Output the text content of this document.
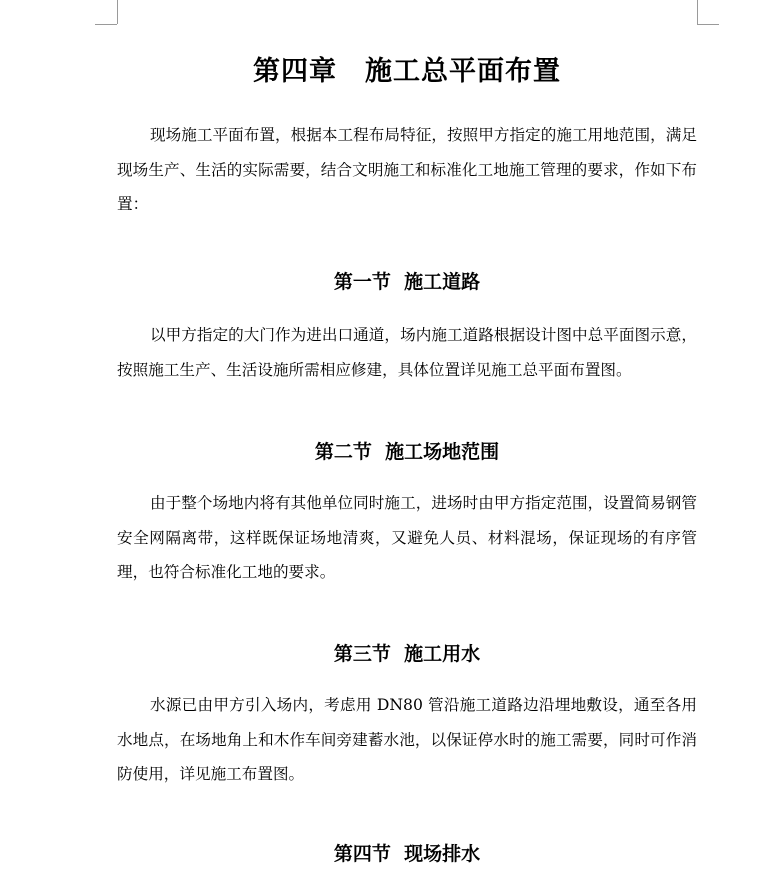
第四章　施工总平面布置

现场施工平面布置，根据本工程布局特征，按照甲方指定的施工用地范围，满足现场生产、生活的实际需要，结合文明施工和标准化工地施工管理的要求，作如下布置：

第一节  施工道路

以甲方指定的大门作为进出口通道，场内施工道路根据设计图中总平面图示意，按照施工生产、生活设施所需相应修建，具体位置详见施工总平面布置图。

第二节  施工场地范围

由于整个场地内将有其他单位同时施工，进场时由甲方指定范围，设置简易钢管安全网隔离带，这样既保证场地清爽，又避免人员、材料混场，保证现场的有序管理，也符合标准化工地的要求。

第三节  施工用水

水源已由甲方引入场内，考虑用 DN80 管沿施工道路边沿埋地敷设，通至各用水地点，在场地角上和木作车间旁建蓄水池，以保证停水时的施工需要，同时可作消防使用，详见施工布置图。

第四节  现场排水
